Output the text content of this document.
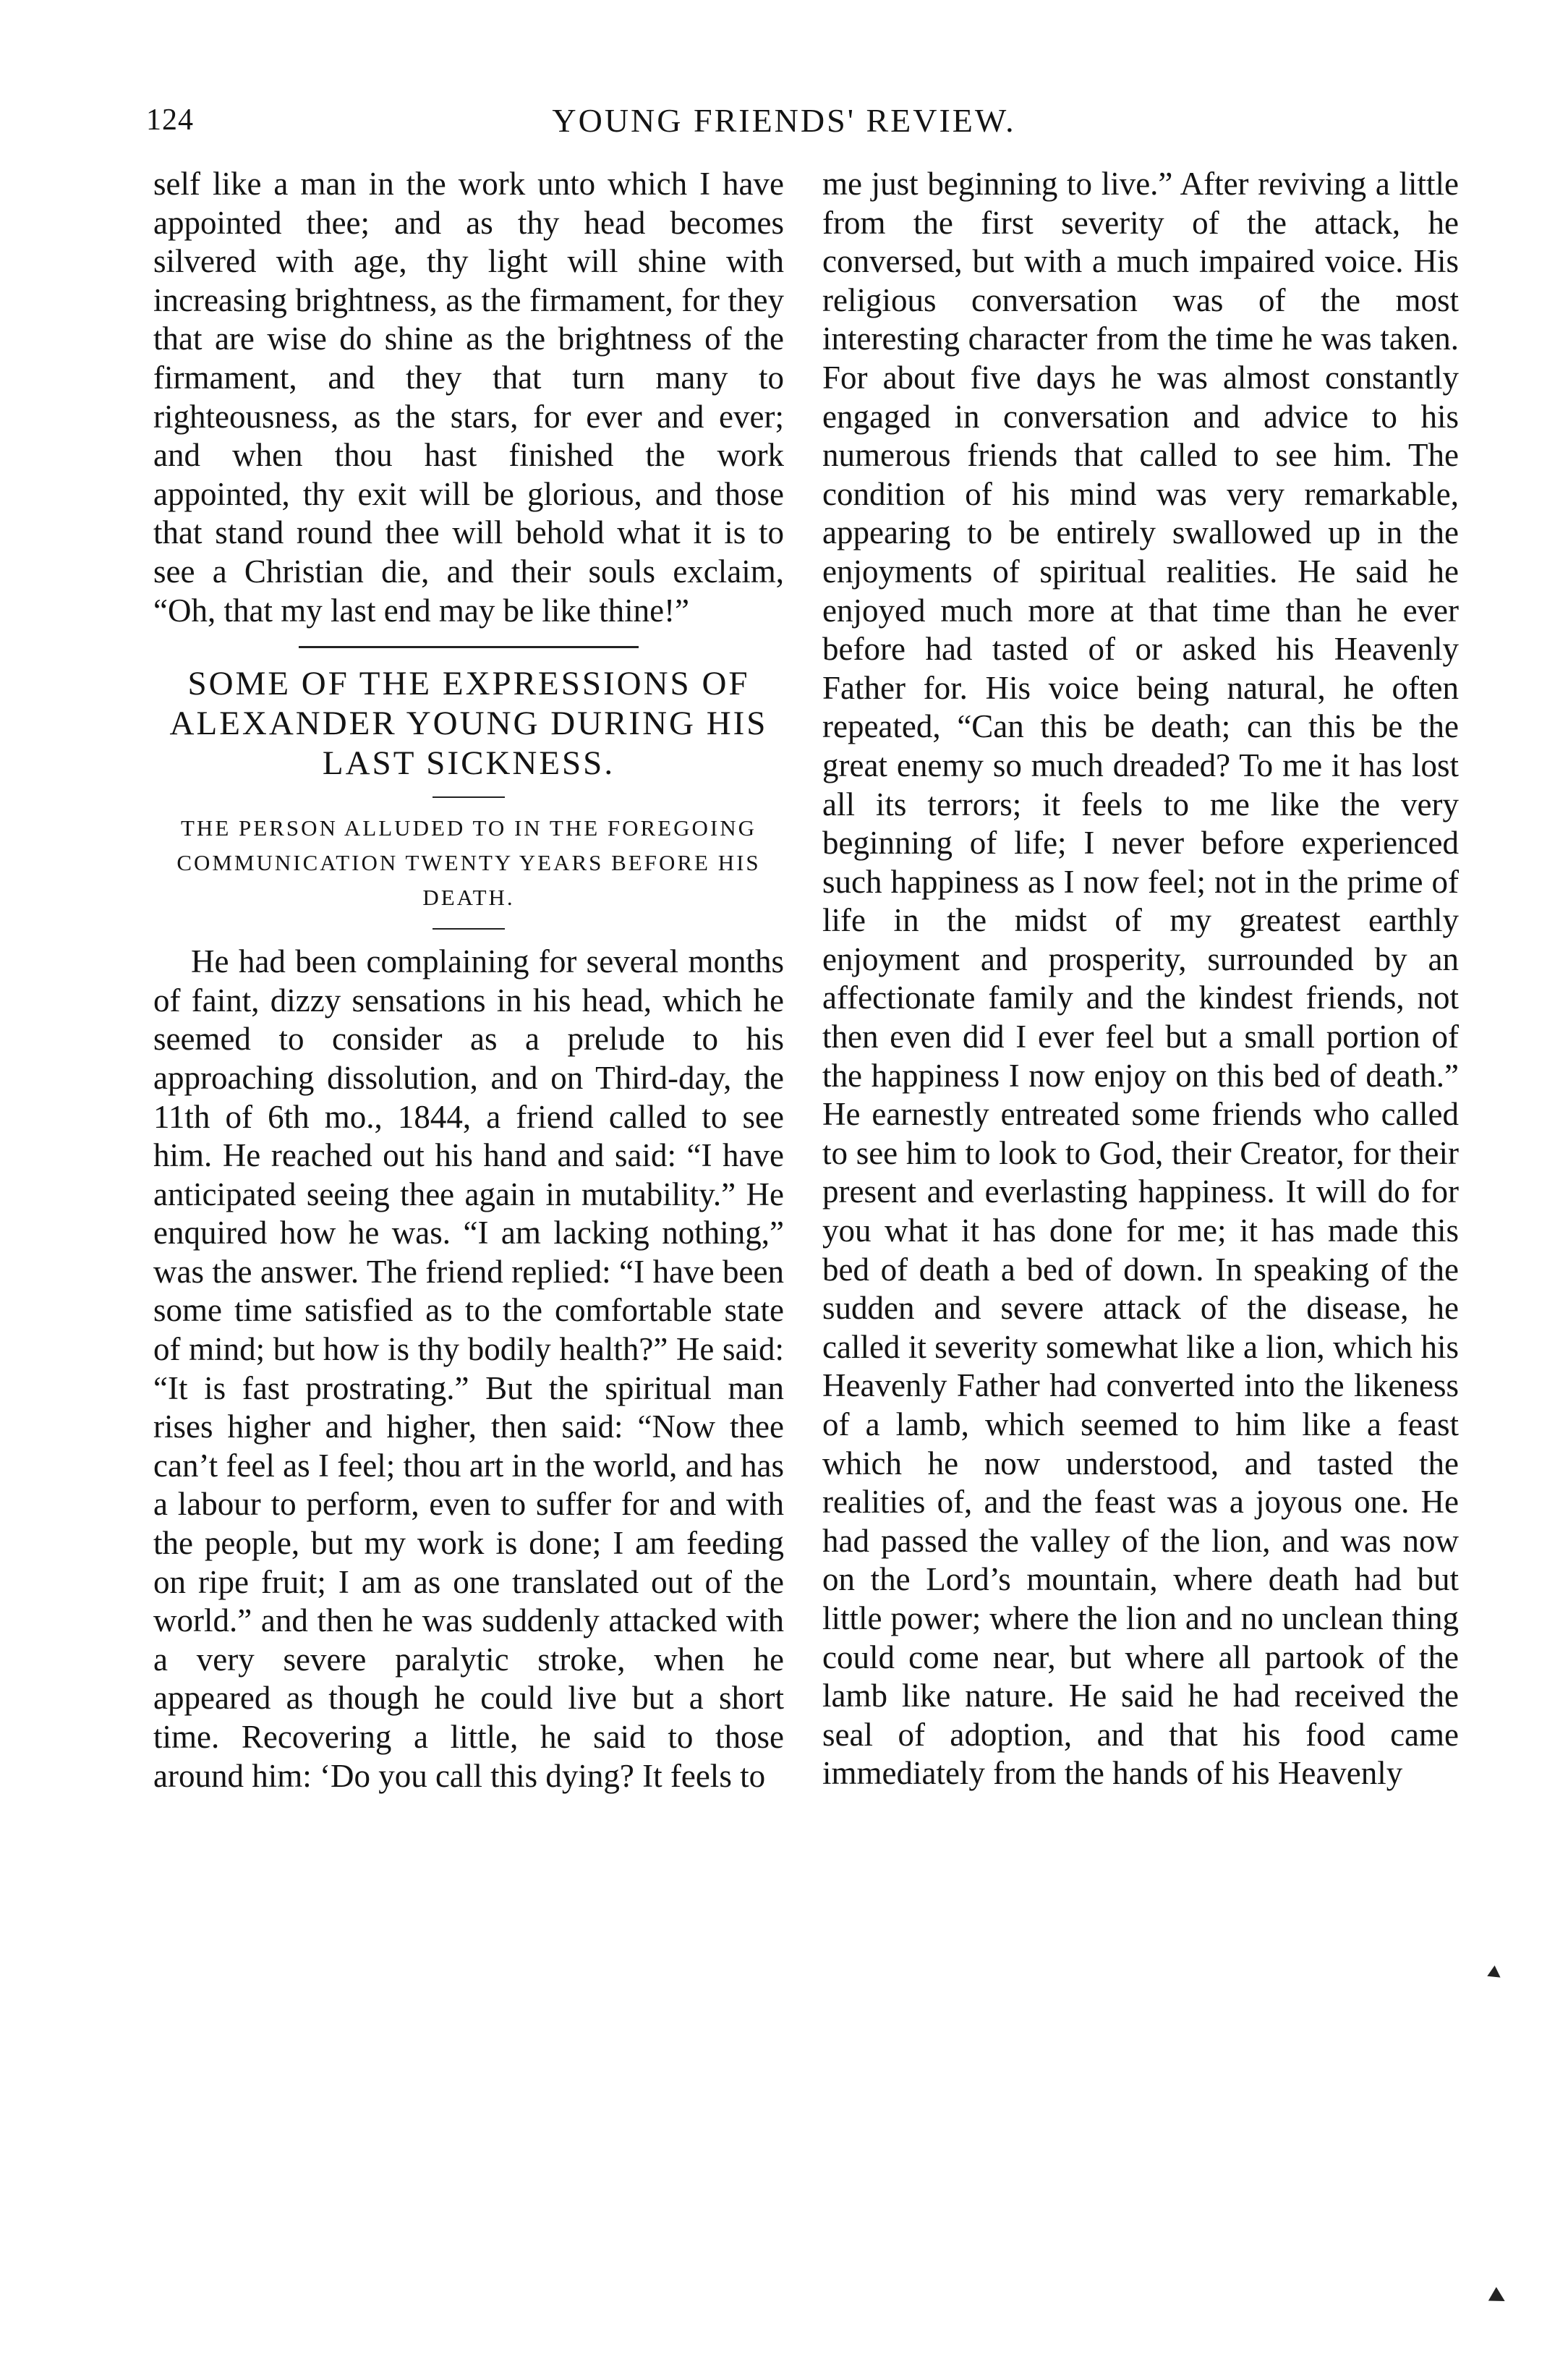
124	YOUNG FRIENDS' REVIEW.

self like a man in the work unto which I have appointed thee; and as thy head becomes silvered with age, thy light will shine with increasing brightness, as the firmament, for they that are wise do shine as the brightness of the firmament, and they that turn many to righteousness, as the stars, for ever and ever; and when thou hast finished the work appointed, thy exit will be glorious, and those that stand round thee will behold what it is to see a Christian die, and their souls exclaim, “Oh, that my last end may be like thine!”

SOME OF THE EXPRESSIONS OF ALEXANDER YOUNG DURING HIS LAST SICKNESS.
THE PERSON ALLUDED TO IN THE FOREGOING COMMUNICATION TWENTY YEARS BEFORE HIS DEATH.

He had been complaining for several months of faint, dizzy sensations in his head, which he seemed to consider as a prelude to his approaching dissolution, and on Third-day, the 11th of 6th mo., 1844, a friend called to see him. He reached out his hand and said: “I have anticipated seeing thee again in mutability.” He enquired how he was. “I am lacking nothing,” was the answer. The friend replied: “I have been some time satisfied as to the comfortable state of mind; but how is thy bodily health?” He said: “It is fast prostrating.” But the spiritual man rises higher and higher, then said: “Now thee can’t feel as I feel; thou art in the world, and has a labour to perform, even to suffer for and with the people, but my work is done; I am feeding on ripe fruit; I am as one translated out of the world.” and then he was suddenly attacked with a very severe paralytic stroke, when he appeared as though he could live but a short time. Recovering a little, he said to those around him: ‘Do you call this dying? It feels to

me just beginning to live.” After reviving a little from the first severity of the attack, he conversed, but with a much impaired voice. His religious conversation was of the most interesting character from the time he was taken. For about five days he was almost constantly engaged in conversation and advice to his numerous friends that called to see him. The condition of his mind was very remarkable, appearing to be entirely swallowed up in the enjoyments of spiritual realities. He said he enjoyed much more at that time than he ever before had tasted of or asked his Heavenly Father for. His voice being natural, he often repeated, “Can this be death; can this be the great enemy so much dreaded? To me it has lost all its terrors; it feels to me like the very beginning of life; I never before experienced such happiness as I now feel; not in the prime of life in the midst of my greatest earthly enjoyment and prosperity, surrounded by an affectionate family and the kindest friends, not then even did I ever feel but a small portion of the happiness I now enjoy on this bed of death.” He earnestly entreated some friends who called to see him to look to God, their Creator, for their present and everlasting happiness. It will do for you what it has done for me; it has made this bed of death a bed of down. In speaking of the sudden and severe attack of the disease, he called it severity somewhat like a lion, which his Heavenly Father had converted into the likeness of a lamb, which seemed to him like a feast which he now understood, and tasted the realities of, and the feast was a joyous one. He had passed the valley of the lion, and was now on the Lord’s mountain, where death had but little power; where the lion and no unclean thing could come near, but where all partook of the lamb like nature. He said he had received the seal of adoption, and that his food came immediately from the hands of his Heavenly
